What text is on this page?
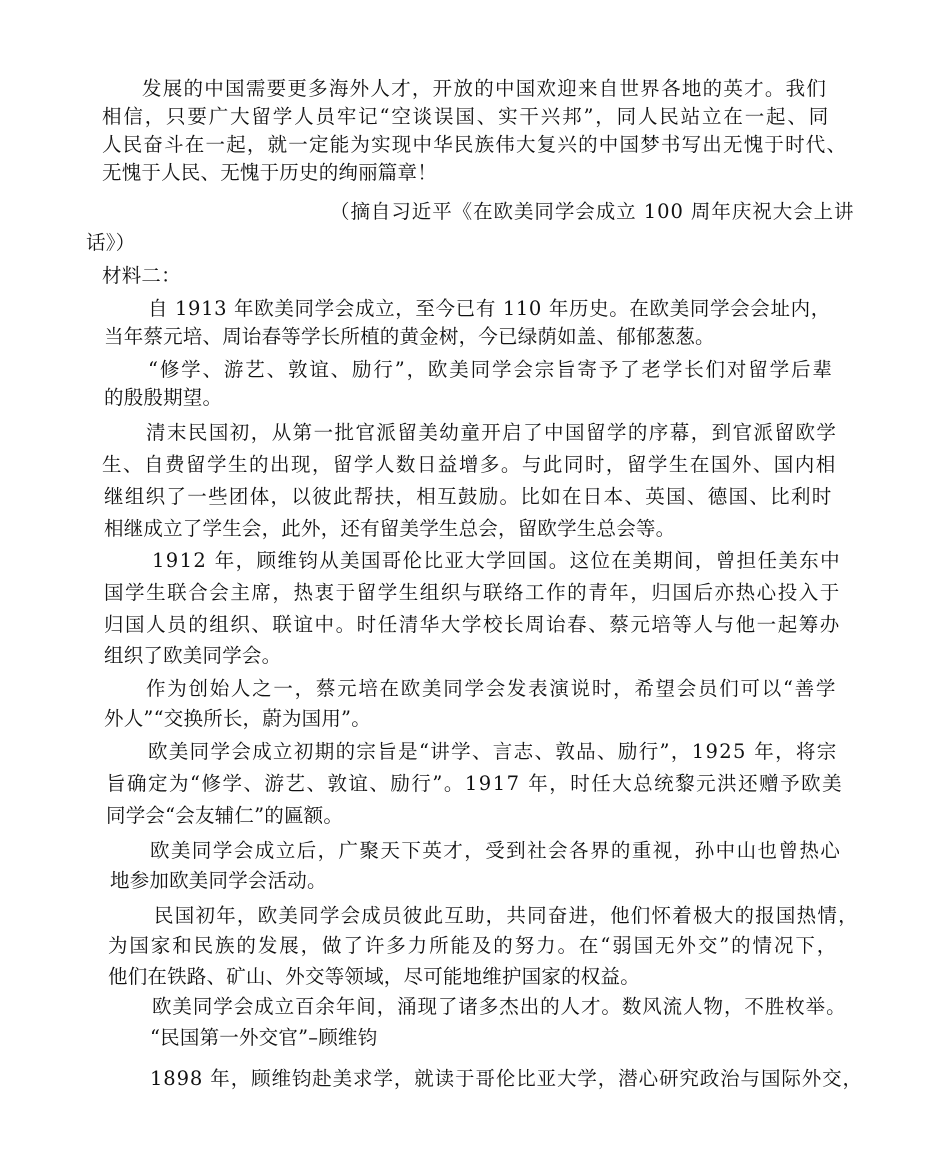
发展的中国需要更多海外人才，开放的中国欢迎来自世界各地的英才。我们
相信，只要广大留学人员牢记“空谈误国、实干兴邦”，同人民站立在一起、同
人民奋斗在一起，就一定能为实现中华民族伟大复兴的中国梦书写出无愧于时代、
无愧于人民、无愧于历史的绚丽篇章！
（摘自习近平《在欧美同学会成立 100 周年庆祝大会上讲
话》）
材料二：
自 1913 年欧美同学会成立，至今已有 110 年历史。在欧美同学会会址内，
当年蔡元培、周诒春等学长所植的黄金树，今已绿荫如盖、郁郁葱葱。
“修学、游艺、敦谊、励行”，欧美同学会宗旨寄予了老学长们对留学后辈
的殷殷期望。
清末民国初，从第一批官派留美幼童开启了中国留学的序幕，到官派留欧学
生、自费留学生的出现，留学人数日益增多。与此同时，留学生在国外、国内相
继组织了一些团体，以彼此帮扶，相互鼓励。比如在日本、英国、德国、比利时
相继成立了学生会，此外，还有留美学生总会，留欧学生总会等。
1912 年，顾维钧从美国哥伦比亚大学回国。这位在美期间，曾担任美东中
国学生联合会主席，热衷于留学生组织与联络工作的青年，归国后亦热心投入于
归国人员的组织、联谊中。时任清华大学校长周诒春、蔡元培等人与他一起筹办
组织了欧美同学会。
作为创始人之一，蔡元培在欧美同学会发表演说时，希望会员们可以“善学
外人”“交换所长，蔚为国用”。
欧美同学会成立初期的宗旨是“讲学、言志、敦品、励行”，1925 年，将宗
旨确定为“修学、游艺、敦谊、励行”。1917 年，时任大总统黎元洪还赠予欧美
同学会“会友辅仁”的匾额。
欧美同学会成立后，广聚天下英才，受到社会各界的重视，孙中山也曾热心
地参加欧美同学会活动。
民国初年，欧美同学会成员彼此互助，共同奋进，他们怀着极大的报国热情，
为国家和民族的发展，做了许多力所能及的努力。在“弱国无外交”的情况下，
他们在铁路、矿山、外交等领域，尽可能地维护国家的权益。
欧美同学会成立百余年间，涌现了诸多杰出的人才。数风流人物，不胜枚举。
“民国第一外交官”–顾维钧
1898 年，顾维钧赴美求学，就读于哥伦比亚大学，潜心研究政治与国际外交，
